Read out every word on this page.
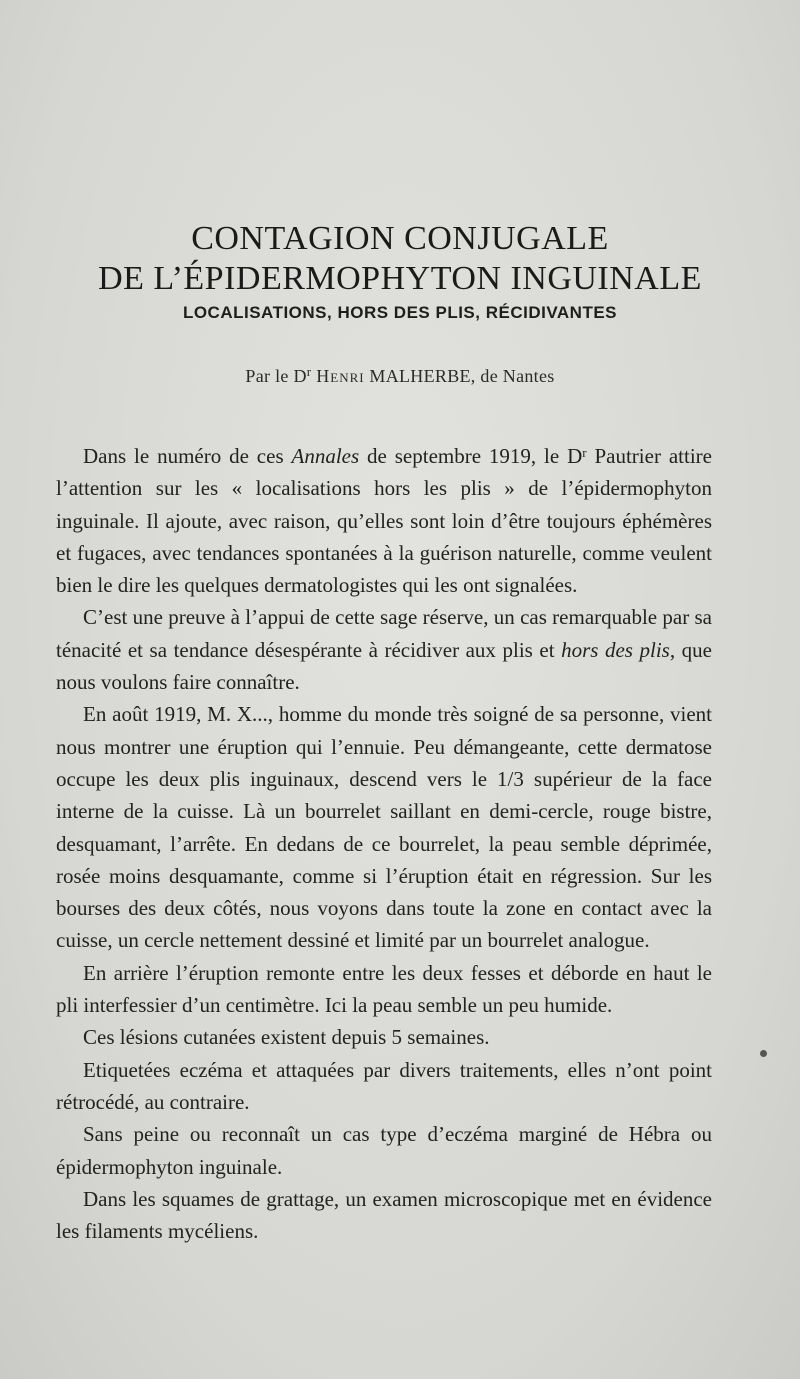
CONTAGION CONJUGALE
DE L’ÉPIDERMOPHYTON INGUINALE
LOCALISATIONS, HORS DES PLIS, RÉCIDIVANTES

Par le $D^r$ Henri MALHERBE, de Nantes

Dans le numéro de ces Annales de septembre 1919, le $D^r$ Pautrier attire l’attention sur les « localisations hors les plis » de l’épidermophyton inguinale. Il ajoute, avec raison, qu’elles sont loin d’être toujours éphémères et fugaces, avec tendances spontanées à la guérison naturelle, comme veulent bien le dire les quelques dermatologistes qui les ont signalées.

C’est une preuve à l’appui de cette sage réserve, un cas remarquable par sa ténacité et sa tendance désespérante à récidiver aux plis et hors des plis, que nous voulons faire connaître.

En août 1919, M. X..., homme du monde très soigné de sa personne, vient nous montrer une éruption qui l’ennuie. Peu démangeante, cette dermatose occupe les deux plis inguinaux, descend vers le 1/3 supérieur de la face interne de la cuisse. Là un bourrelet saillant en demi-cercle, rouge bistre, desquamant, l’arrête. En dedans de ce bourrelet, la peau semble déprimée, rosée moins desquamante, comme si l’éruption était en régression. Sur les bourses des deux côtés, nous voyons dans toute la zone en contact avec la cuisse, un cercle nettement dessiné et limité par un bourrelet analogue.

En arrière l’éruption remonte entre les deux fesses et déborde en haut le pli interfessier d’un centimètre. Ici la peau semble un peu humide.

Ces lésions cutanées existent depuis 5 semaines.

Etiquetées eczéma et attaquées par divers traitements, elles n’ont point rétrocédé, au contraire.

Sans peine ou reconnaît un cas type d’eczéma marginé de Hébra ou épidermophyton inguinale.

Dans les squames de grattage, un examen microscopique met en évidence les filaments mycéliens.
